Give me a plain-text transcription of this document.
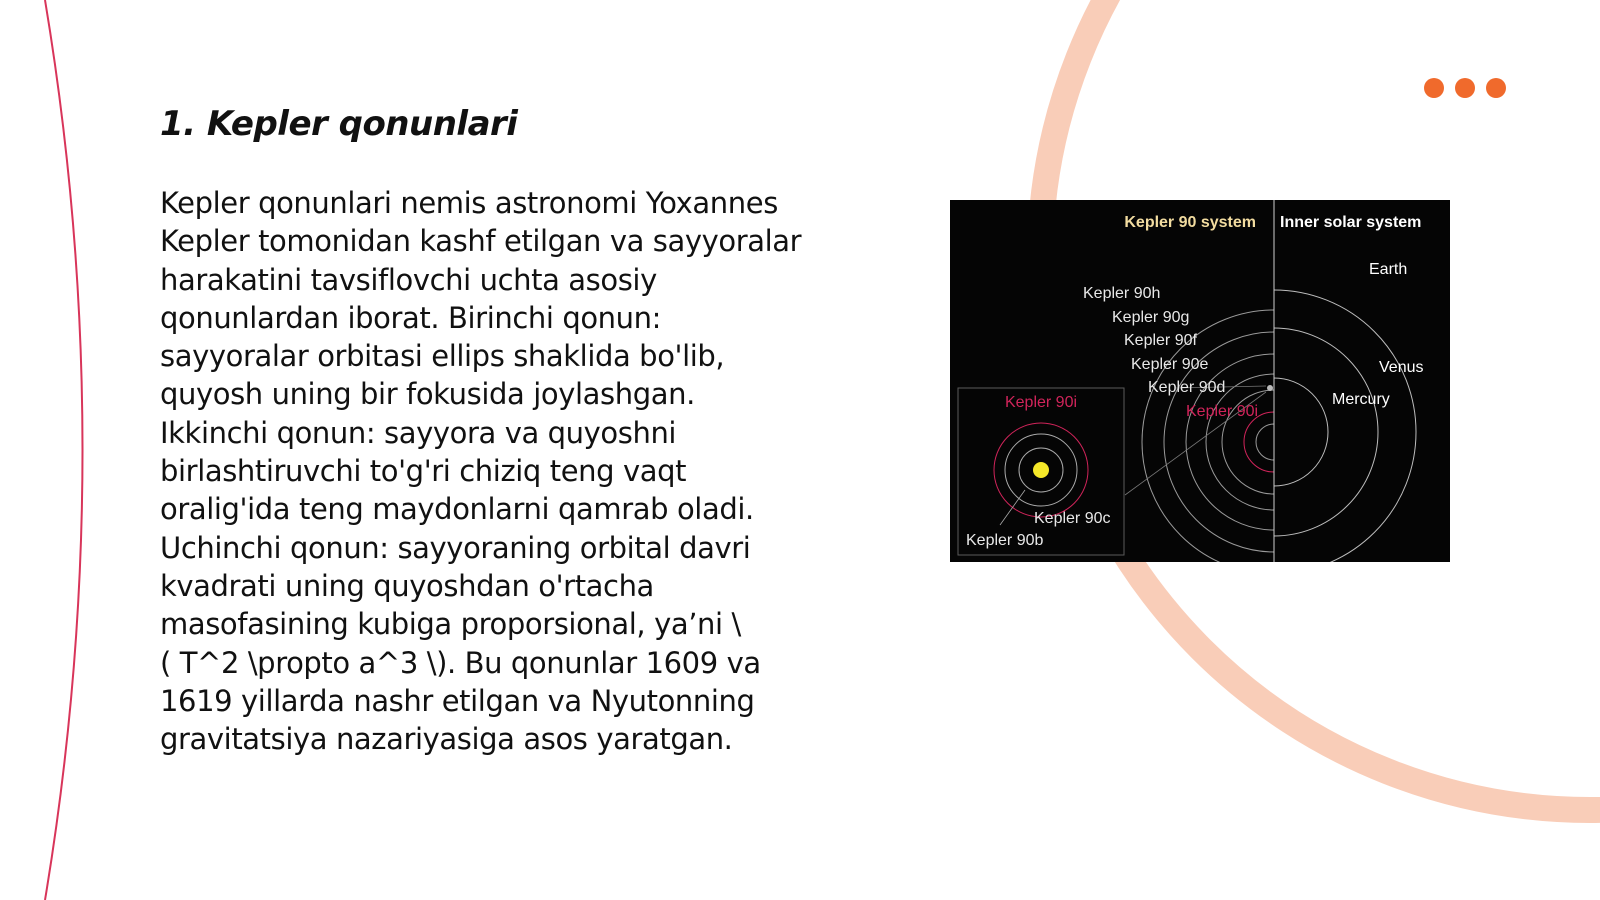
1. Kepler qonunlari
Kepler qonunlari nemis astronomi Yoxannes
Kepler tomonidan kashf etilgan va sayyoralar
harakatini tavsiflovchi uchta asosiy
qonunlardan iborat. Birinchi qonun:
sayyoralar orbitasi ellips shaklida bo'lib,
quyosh uning bir fokusida joylashgan.
Ikkinchi qonun: sayyora va quyoshni
birlashtiruvchi to'g'ri chiziq teng vaqt
oralig'ida teng maydonlarni qamrab oladi.
Uchinchi qonun: sayyoraning orbital davri
kvadrati uning quyoshdan o'rtacha
masofasining kubiga proporsional, ya’ni \
( T^2 \propto a^3 \). Bu qonunlar 1609 va
1619 yillarda nashr etilgan va Nyutonning
gravitatsiya nazariyasiga asos yaratgan.
Kepler 90 system Inner solar system
Kepler 90h
Kepler 90g
Kepler 90f
Kepler 90e
Kepler 90d
Kepler 90i
Earth
Venus
Mercury
Kepler 90i
Kepler 90c
Kepler 90b
